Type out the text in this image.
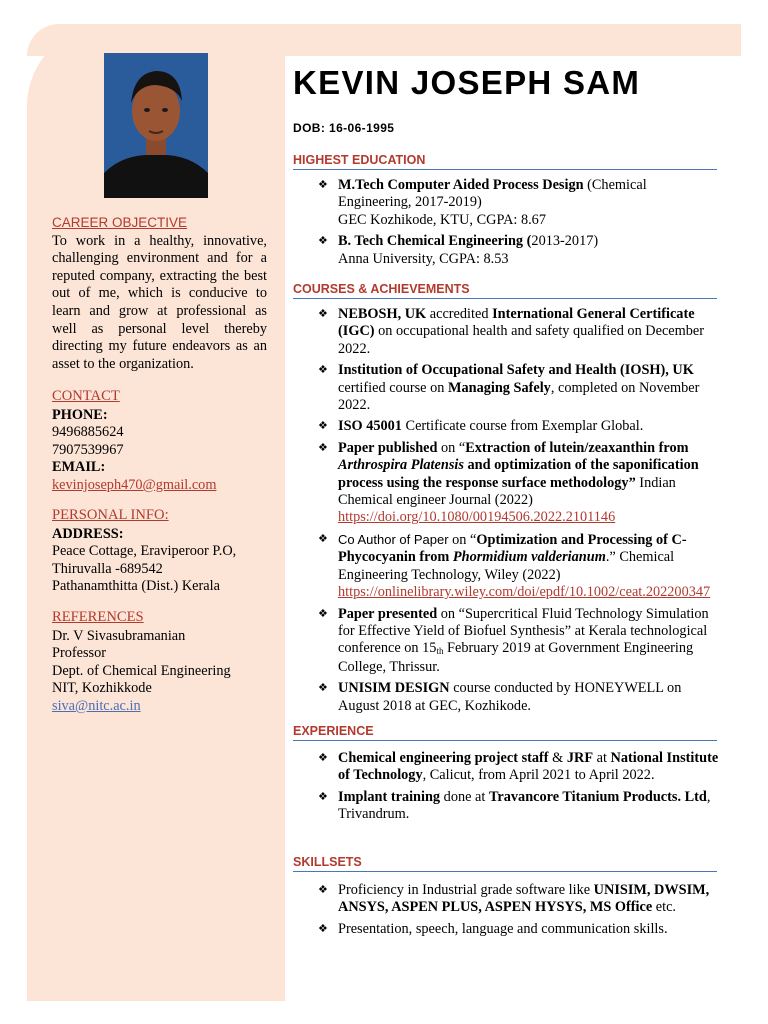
CAREER OBJECTIVE
To work in a healthy, innovative, challenging environment and for a reputed company, extracting the best out of me, which is conducive to learn and grow at professional as well as personal level thereby directing my future endeavors as an asset to the organization.
CONTACT
PHONE:
9496885624
7907539967
EMAIL:
kevinjoseph470@gmail.com
PERSONAL INFO:
ADDRESS:
Peace Cottage, Eraviperoor P.O,
Thiruvalla -689542
Pathanamthitta (Dist.) Kerala
REFERENCES
Dr. V Sivasubramanian
Professor
Dept. of Chemical Engineering
NIT, Kozhikkode
siva@nitc.ac.in
KEVIN JOSEPH SAM
DOB: 16-06-1995
HIGHEST EDUCATION
❖ M.Tech Computer Aided Process Design (Chemical Engineering, 2017-2019)
GEC Kozhikode, KTU, CGPA: 8.67
❖ B. Tech Chemical Engineering (2013-2017)
Anna University, CGPA: 8.53
COURSES & ACHIEVEMENTS
❖ NEBOSH, UK accredited International General Certificate (IGC) on occupational health and safety qualified on December 2022.
❖ Institution of Occupational Safety and Health (IOSH), UK certified course on Managing Safely, completed on November 2022.
❖ ISO 45001 Certificate course from Exemplar Global.
❖ Paper published on “Extraction of lutein/zeaxanthin from Arthrospira Platensis and optimization of the saponification process using the response surface methodology” Indian Chemical engineer Journal (2022)
https://doi.org/10.1080/00194506.2022.2101146
❖ Co Author of Paper on “Optimization and Processing of C-Phycocyanin from Phormidium valderianum.” Chemical Engineering Technology, Wiley (2022)
https://onlinelibrary.wiley.com/doi/epdf/10.1002/ceat.202200347
❖ Paper presented on “Supercritical Fluid Technology Simulation for Effective Yield of Biofuel Synthesis” at Kerala technological conference on 15th February 2019 at Government Engineering College, Thrissur.
❖ UNISIM DESIGN course conducted by HONEYWELL on August 2018 at GEC, Kozhikode.
EXPERIENCE
❖ Chemical engineering project staff & JRF at National Institute of Technology, Calicut, from April 2021 to April 2022.
❖ Implant training done at Travancore Titanium Products. Ltd, Trivandrum.
SKILLSETS
❖ Proficiency in Industrial grade software like UNISIM, DWSIM, ANSYS, ASPEN PLUS, ASPEN HYSYS, MS Office etc.
❖ Presentation, speech, language and communication skills.
